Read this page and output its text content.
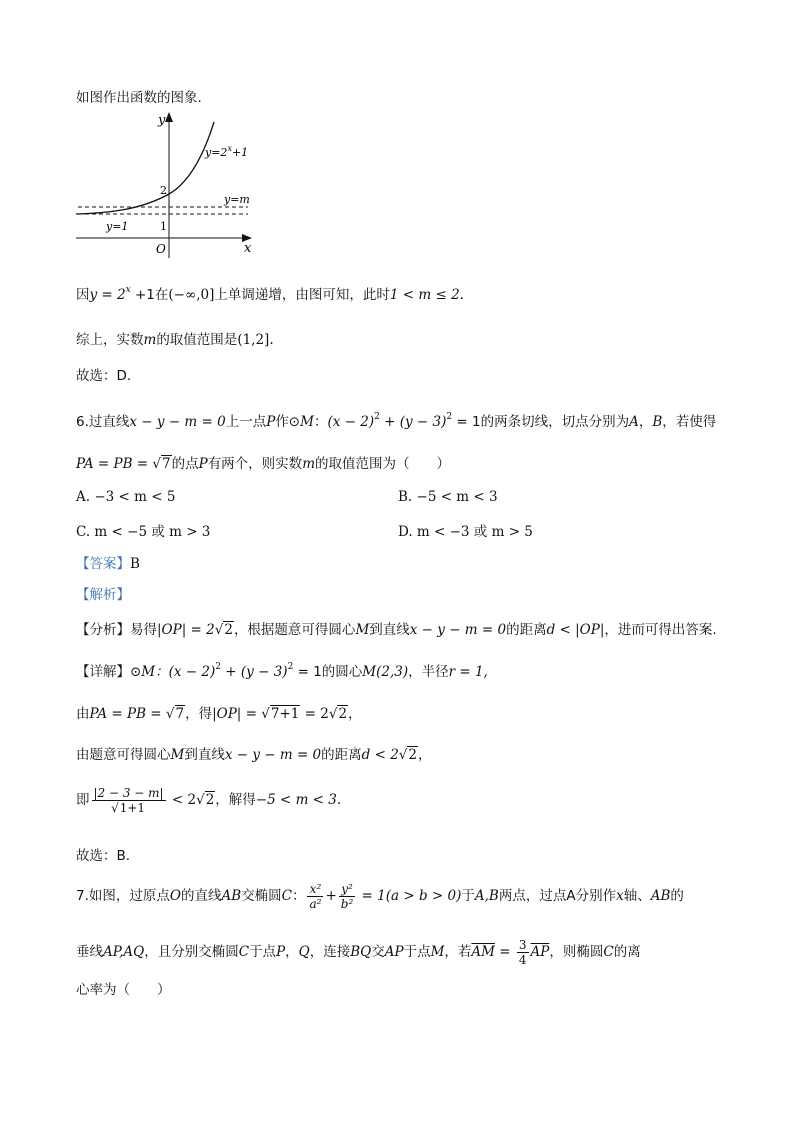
如图作出函数的图象.
y
x
O
2
1
$y=2^x+1$
y=m
y=1
因$y = 2^x +1$在(−∞,0]上单调递增，由图可知，此时1 < m ≤ 2.
综上，实数m的取值范围是(1,2].
故选：D.
6.过直线x − y − m = 0上一点P作⊙M：$(x - 2)^2 + (y - 3)^2 = 1$的两条切线，切点分别为A，B，若使得
PA = PB = √7的点P有两个，则实数m的取值范围为（　　）
A. −3 < m < 5	B. −5 < m < 3
C. m < −5 或 m > 3	D. m < −3 或 m > 5
【答案】B
【解析】
【分析】易得|OP| = 2√2，根据题意可得圆心M到直线x − y − m = 0的距离d < |OP|，进而可得出答案.
【详解】⊙M：$(x - 2)^2 + (y - 3)^2 = 1$的圆心M(2,3)，半径r = 1,
由PA = PB = √7，得|OP| = √7+1 = 2√2，
由题意可得圆心M到直线x − y − m = 0的距离d < 2√2，
即 $\frac{|2 - 3 - m|}{√1+1} < 2√2$，解得−5 < m < 3.
故选：B.
7.如图，过原点O的直线AB交椭圆C： $\frac{\text{x²}}{\text{a²}} + \frac{\text{y²}}{\text{b²}} = 1(a > b > 0)$于A,B两点，过点A分别作x轴、AB的
垂线AP,AQ，且分别交椭圆C于点P，Q，连接BQ交AP于点M，若$\overline{AM} = \frac{3}{4} \overline{AP}$，则椭圆C的离
心率为（　　）
